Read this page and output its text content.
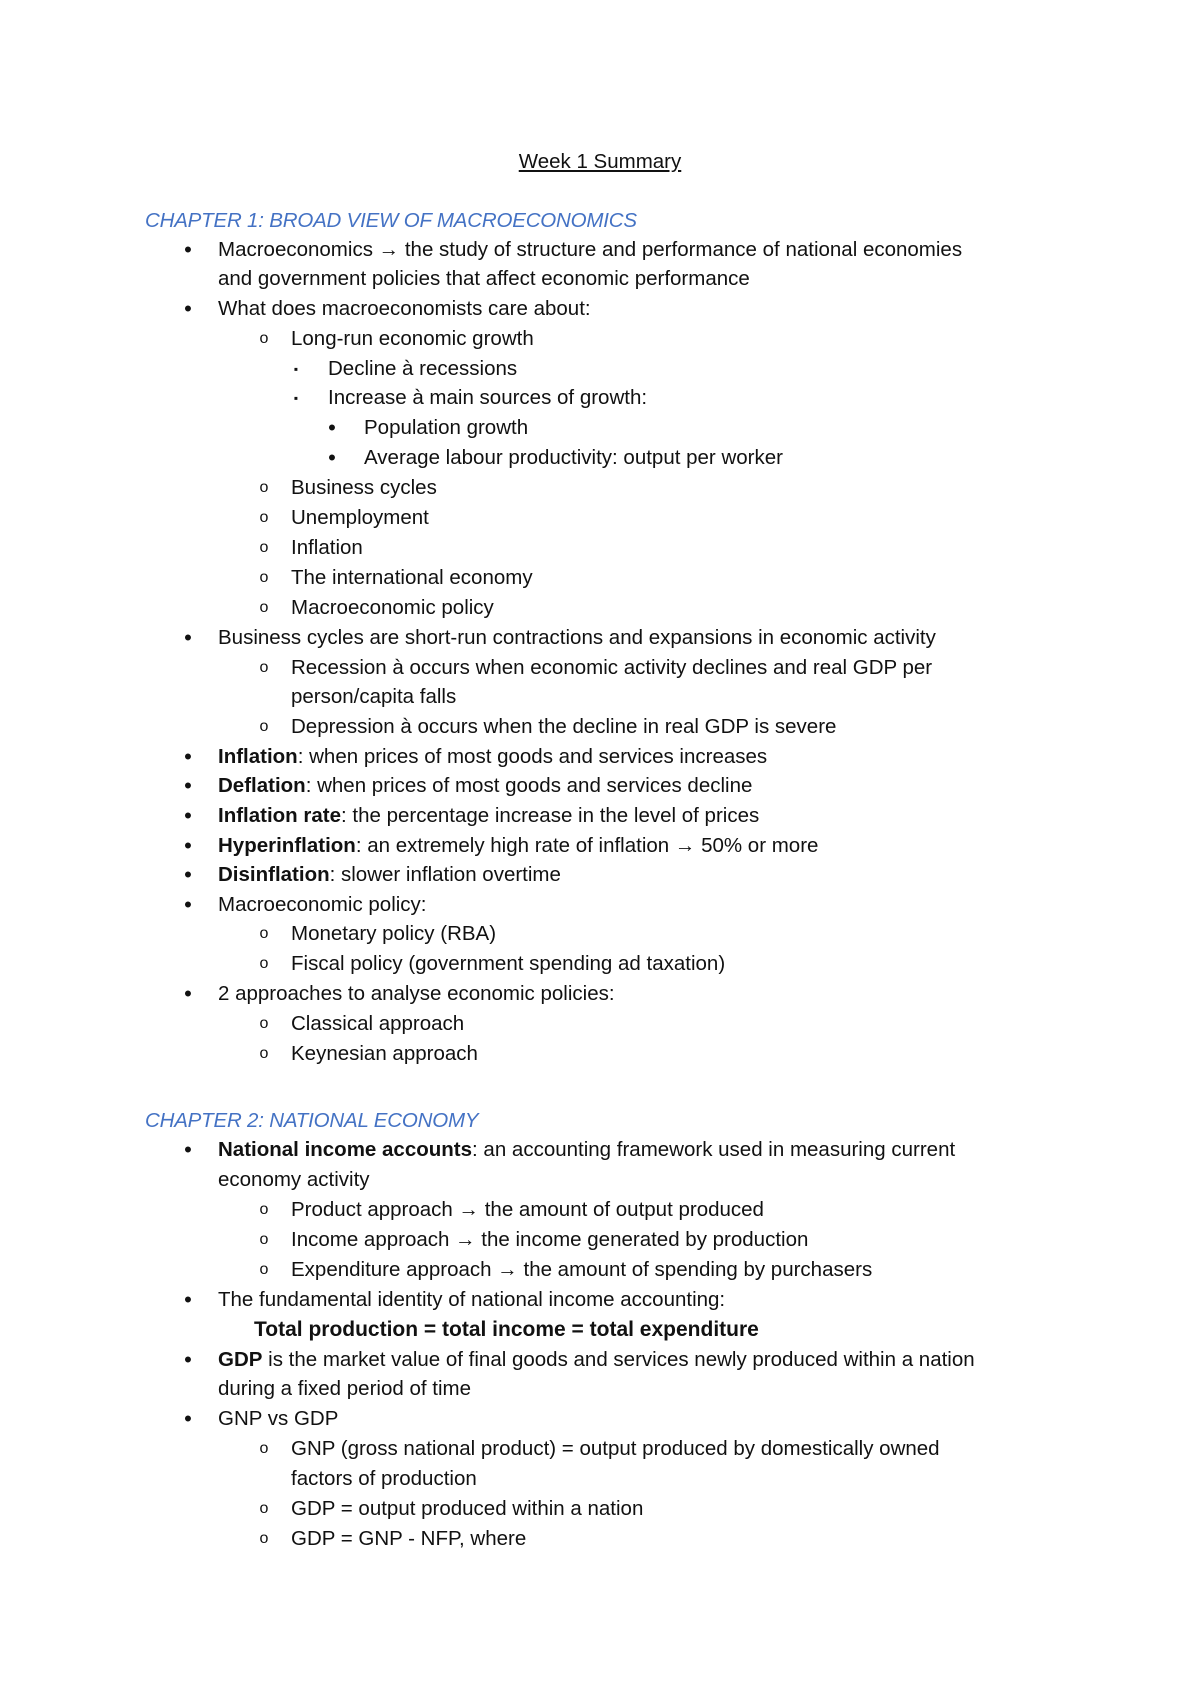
Week 1 Summary
CHAPTER 1: BROAD VIEW OF MACROECONOMICS
•	Macroeconomics → the study of structure and performance of national economies
and government policies that affect economic performance
•	What does macroeconomists care about:
o Long-run economic growth
▪	Decline à recessions
▪	Increase à main sources of growth:
•	Population growth
•	Average labour productivity: output per worker
o Business cycles
o Unemployment
o Inflation
o The international economy
o Macroeconomic policy
•	Business cycles are short-run contractions and expansions in economic activity
o Recession à occurs when economic activity declines and real GDP per
person/capita falls
o Depression à occurs when the decline in real GDP is severe
•	Inflation: when prices of most goods and services increases
•	Deflation: when prices of most goods and services decline
•	Inflation rate: the percentage increase in the level of prices
•	Hyperinflation: an extremely high rate of inflation → 50% or more
•	Disinflation: slower inflation overtime
•	Macroeconomic policy:
o Monetary policy (RBA)
o Fiscal policy (government spending ad taxation)
•	2 approaches to analyse economic policies:
o Classical approach
o Keynesian approach
CHAPTER 2: NATIONAL ECONOMY
•	National income accounts: an accounting framework used in measuring current
economy activity
o Product approach → the amount of output produced
o Income approach → the income generated by production
o Expenditure approach → the amount of spending by purchasers
•	The fundamental identity of national income accounting:
Total production = total income = total expenditure
•	GDP is the market value of final goods and services newly produced within a nation
during a fixed period of time
•	GNP vs GDP
o GNP (gross national product) = output produced by domestically owned
factors of production
o GDP = output produced within a nation
o GDP = GNP - NFP, where
